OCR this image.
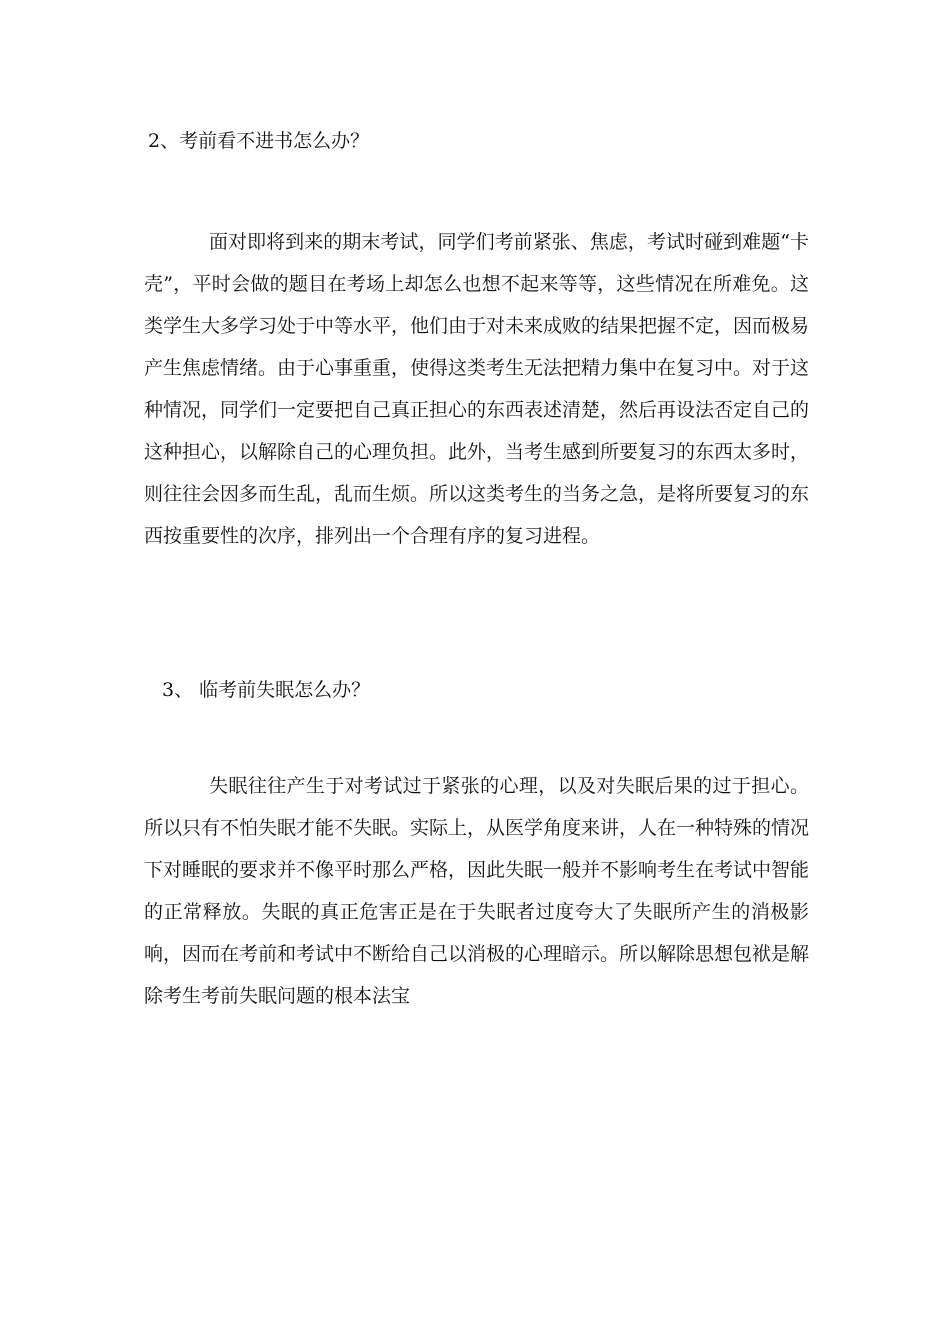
2、考前看不进书怎么办？

面对即将到来的期末考试，同学们考前紧张、焦虑，考试时碰到难题“卡壳”，平时会做的题目在考场上却怎么也想不起来等等，这些情况在所难免。这类学生大多学习处于中等水平，他们由于对未来成败的结果把握不定，因而极易产生焦虑情绪。由于心事重重，使得这类考生无法把精力集中在复习中。对于这种情况，同学们一定要把自己真正担心的东西表述清楚，然后再设法否定自己的这种担心，以解除自己的心理负担。此外，当考生感到所要复习的东西太多时，则往往会因多而生乱，乱而生烦。所以这类考生的当务之急，是将所要复习的东西按重要性的次序，排列出一个合理有序的复习进程。

3、 临考前失眠怎么办？

失眠往往产生于对考试过于紧张的心理，以及对失眠后果的过于担心。所以只有不怕失眠才能不失眠。实际上，从医学角度来讲，人在一种特殊的情况下对睡眠的要求并不像平时那么严格，因此失眠一般并不影响考生在考试中智能的正常释放。失眠的真正危害正是在于失眠者过度夸大了失眠所产生的消极影响，因而在考前和考试中不断给自己以消极的心理暗示。所以解除思想包袱是解除考生考前失眠问题的根本法宝
